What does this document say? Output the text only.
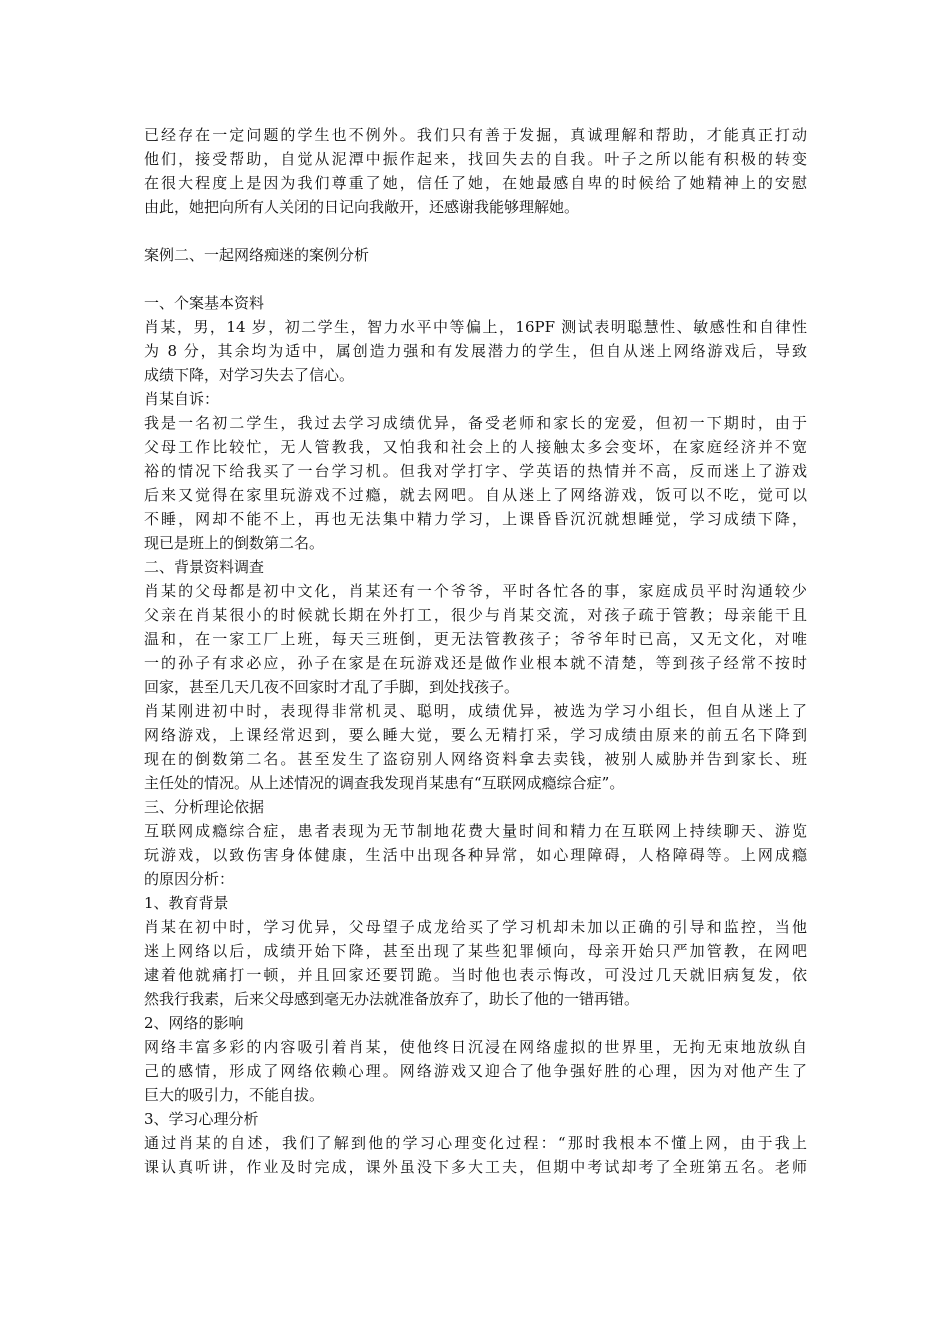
已经存在一定问题的学生也不例外。我们只有善于发掘，真诚理解和帮助，才能真正打动

他们，接受帮助，自觉从泥潭中振作起来，找回失去的自我。叶子之所以能有积极的转变

在很大程度上是因为我们尊重了她，信任了她，在她最感自卑的时候给了她精神上的安慰

由此，她把向所有人关闭的日记向我敞开，还感谢我能够理解她。

案例二、一起网络痴迷的案例分析

一、个案基本资料

肖某，男，14 岁，初二学生，智力水平中等偏上，16PF 测试表明聪慧性、敏感性和自律性

为 8 分，其余均为适中，属创造力强和有发展潜力的学生，但自从迷上网络游戏后，导致

成绩下降，对学习失去了信心。

肖某自诉：

我是一名初二学生，我过去学习成绩优异，备受老师和家长的宠爱，但初一下期时，由于

父母工作比较忙，无人管教我，又怕我和社会上的人接触太多会变坏，在家庭经济并不宽

裕的情况下给我买了一台学习机。但我对学打字、学英语的热情并不高，反而迷上了游戏

后来又觉得在家里玩游戏不过瘾，就去网吧。自从迷上了网络游戏，饭可以不吃，觉可以

不睡，网却不能不上，再也无法集中精力学习，上课昏昏沉沉就想睡觉，学习成绩下降，

现已是班上的倒数第二名。

二、背景资料调查

肖某的父母都是初中文化，肖某还有一个爷爷，平时各忙各的事，家庭成员平时沟通较少

父亲在肖某很小的时候就长期在外打工，很少与肖某交流，对孩子疏于管教；母亲能干且

温和，在一家工厂上班，每天三班倒，更无法管教孩子；爷爷年时已高，又无文化，对唯

一的孙子有求必应，孙子在家是在玩游戏还是做作业根本就不清楚，等到孩子经常不按时

回家，甚至几天几夜不回家时才乱了手脚，到处找孩子。

肖某刚进初中时，表现得非常机灵、聪明，成绩优异，被选为学习小组长，但自从迷上了

网络游戏，上课经常迟到，要么睡大觉，要么无精打采，学习成绩由原来的前五名下降到

现在的倒数第二名。甚至发生了盗窃别人网络资料拿去卖钱，被别人威胁并告到家长、班

主任处的情况。从上述情况的调查我发现肖某患有“互联网成瘾综合症”。

三、分析理论依据

互联网成瘾综合症，患者表现为无节制地花费大量时间和精力在互联网上持续聊天、游览

玩游戏，以致伤害身体健康，生活中出现各种异常，如心理障碍，人格障碍等。上网成瘾

的原因分析：

1、教育背景

肖某在初中时，学习优异，父母望子成龙给买了学习机却未加以正确的引导和监控，当他

迷上网络以后，成绩开始下降，甚至出现了某些犯罪倾向，母亲开始只严加管教，在网吧

逮着他就痛打一顿，并且回家还要罚跪。当时他也表示悔改，可没过几天就旧病复发，依

然我行我素，后来父母感到毫无办法就准备放弃了，助长了他的一错再错。

2、网络的影响

网络丰富多彩的内容吸引着肖某，使他终日沉浸在网络虚拟的世界里，无拘无束地放纵自

己的感情，形成了网络依赖心理。网络游戏又迎合了他争强好胜的心理，因为对他产生了

巨大的吸引力，不能自拔。

3、学习心理分析

通过肖某的自述，我们了解到他的学习心理变化过程：“那时我根本不懂上网，由于我上

课认真听讲，作业及时完成，课外虽没下多大工夫，但期中考试却考了全班第五名。老师
